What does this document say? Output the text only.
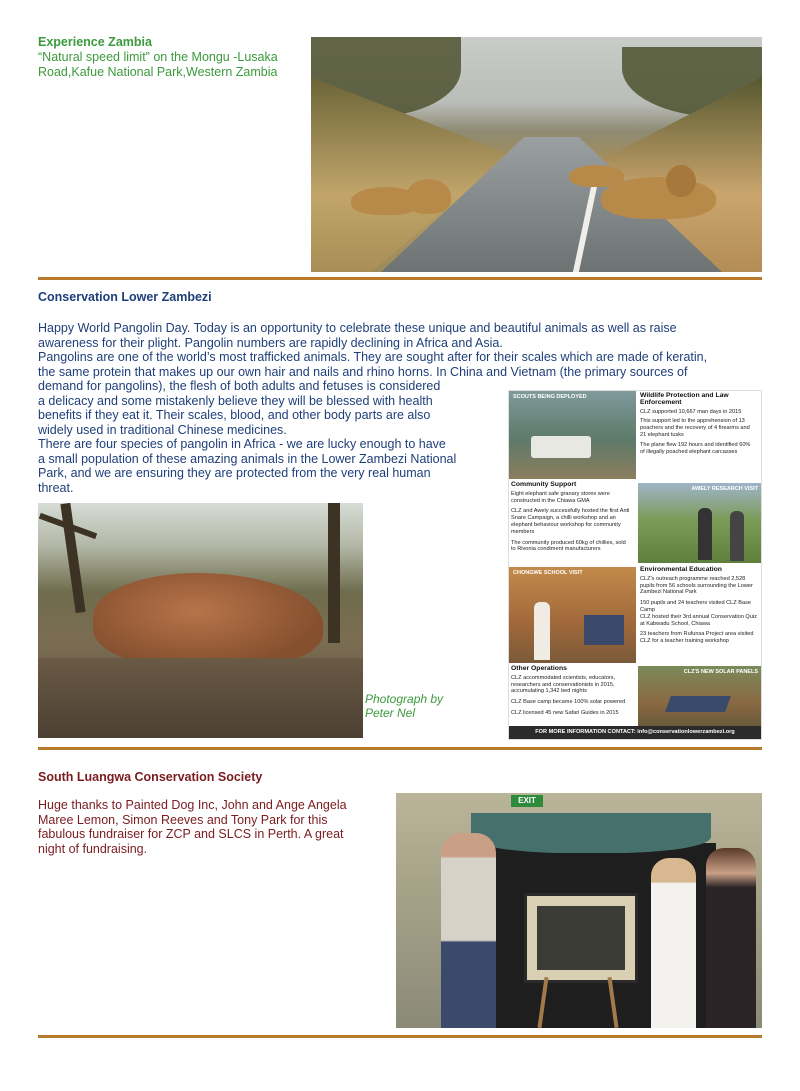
Experience Zambia

“Natural speed limit” on the Mongu -Lusaka

Road,Kafue National Park,Western Zambia

Conservation Lower Zambezi

Happy World Pangolin Day. Today is an opportunity to celebrate these unique and beautiful animals as well as raise

awareness for their plight. Pangolin numbers are rapidly declining in Africa and Asia.

Pangolins are one of the world’s most trafficked animals. They are sought after for their scales which are made of keratin,

the same protein that makes up our own hair and nails and rhino horns. In China and Vietnam (the primary sources of

demand for pangolins), the flesh of both adults and fetuses is considered

a delicacy and some mistakenly believe they will be blessed with health

benefits if they eat it. Their scales, blood, and other body parts are also

widely used in traditional Chinese medicines.

There are four species of pangolin in Africa - we are lucky enough to have

a small population of these amazing animals in the Lower Zambezi National

Park, and we are ensuring they are protected from the very real human

threat.

Photograph by
Peter Nel
SCOUTS BEING DEPLOYED	Wildlife Protection and Law Enforcement
CLZ supported 10,667 man days in 2015
This support led to the apprehension of 13
poachers and the recovery of 4 firearms and
21 elephant tusks
The plane flew 192 hours and identified 60%
of illegally poached elephant carcasses
Community Support
Eight elephant safe granary stores were
constructed in the Chiawa GMA
CLZ and Awely successfully hosted the first Anti
Snare Campaign, a chilli workshop and an
elephant behaviour workshop for community
members
The community produced 60kg of chillies, sold
to Rivonia condiment manufacturers
AWELY RESEARCH VISIT
CHONGWE SCHOOL VISIT	Environmental Education
CLZ's outreach programme reached 2,528
pupils from 56 schools surrounding the Lower
Zambezi National Park
150 pupils and 24 teachers visited CLZ Base
Camp
CLZ hosted their 3rd annual Conservation Quiz
at Kabwadu School, Chiawa
23 teachers from Rufunsa Project area visited
CLZ for a teacher training workshop
Other Operations
CLZ accommodated scientists, educators,
researchers and conservationists in 2015,
accumulating 1,342 bed nights
CLZ Base camp became 100% solar powered
CLZ licensed 45 new Safari Guides in 2015
CLZ'S NEW SOLAR PANELS
FOR MORE INFORMATION CONTACT: info@conservationlowerzambezi.org

South Luangwa Conservation Society

Huge thanks to Painted Dog Inc, John and Ange Angela

Maree Lemon, Simon Reeves and Tony Park for this

fabulous fundraiser for ZCP and SLCS in Perth. A great

night of fundraising.

EXIT
